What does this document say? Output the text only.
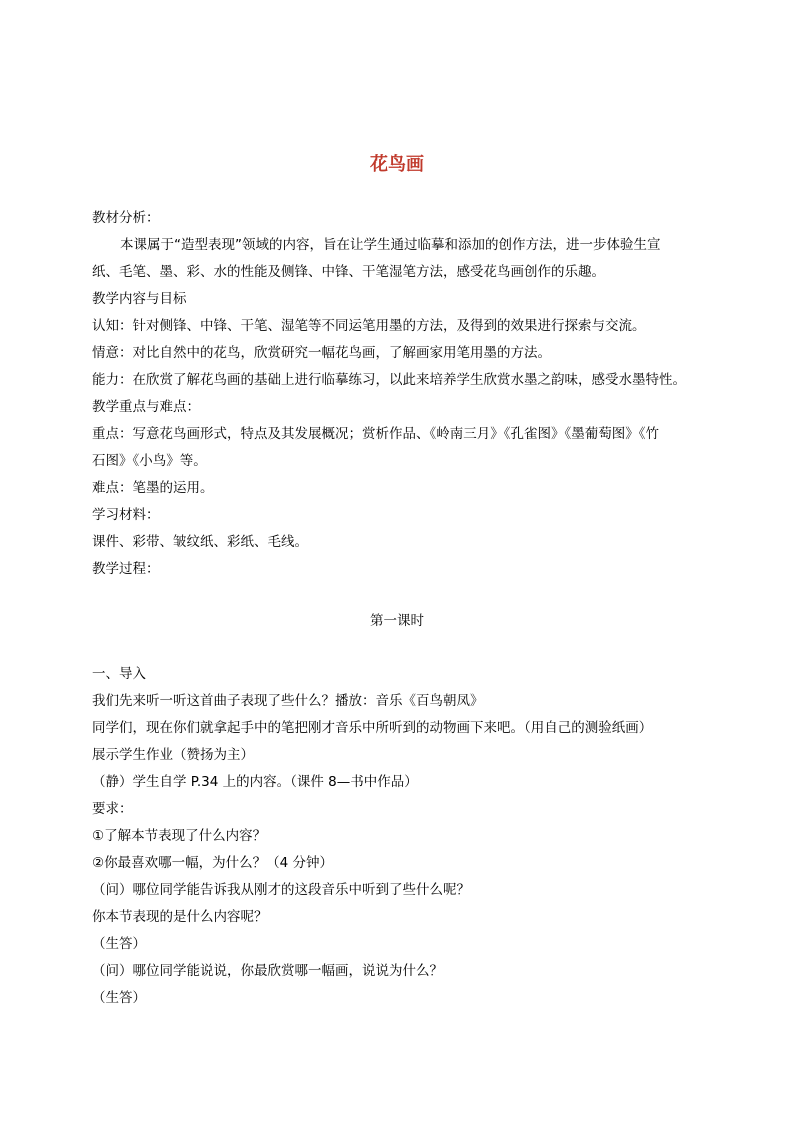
花鸟画
教材分析：
本课属于“造型表现”领域的内容，旨在让学生通过临摹和添加的创作方法，进一步体验生宣
纸、毛笔、墨、彩、水的性能及侧锋、中锋、干笔湿笔方法，感受花鸟画创作的乐趣。
教学内容与目标
认知：针对侧锋、中锋、干笔、湿笔等不同运笔用墨的方法，及得到的效果进行探索与交流。
情意：对比自然中的花鸟，欣赏研究一幅花鸟画，了解画家用笔用墨的方法。
能力：在欣赏了解花鸟画的基础上进行临摹练习，以此来培养学生欣赏水墨之韵味，感受水墨特性。
教学重点与难点：
重点：写意花鸟画形式，特点及其发展概况；赏析作品、《岭南三月》《孔雀图》《墨葡萄图》《竹
石图》《小鸟》等。
难点：笔墨的运用。
学习材料：
课件、彩带、皱纹纸、彩纸、毛线。
教学过程：
第一课时
一、导入
我们先来听一听这首曲子表现了些什么？播放：音乐《百鸟朝凤》
同学们，现在你们就拿起手中的笔把刚才音乐中所听到的动物画下来吧。（用自己的测验纸画）
展示学生作业（赞扬为主）
（静）学生自学 P.34 上的内容。（课件 8—书中作品）
要求：
①了解本节表现了什么内容？
②你最喜欢哪一幅，为什么？（4 分钟）
（问）哪位同学能告诉我从刚才的这段音乐中听到了些什么呢？
你本节表现的是什么内容呢？
（生答）
（问）哪位同学能说说，你最欣赏哪一幅画，说说为什么？
（生答）
